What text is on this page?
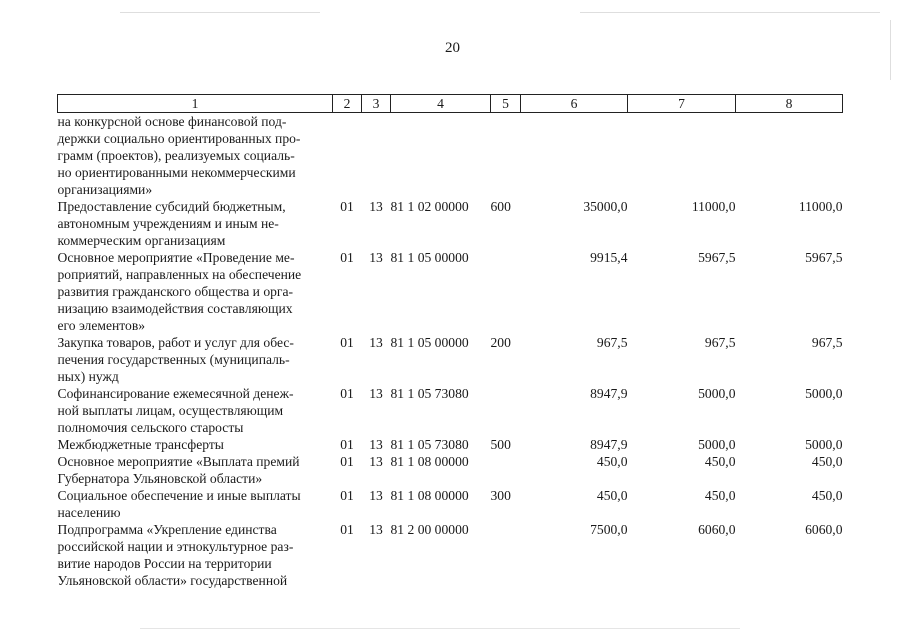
20
1	2	3	4	5	6	7	8

на конкурсной основе финансовой под-
держки социально ориентированных про-
грамм (проектов), реализуемых социаль-
но ориентированными некоммерческими
организациями»							

Предоставление субсидий бюджетным,
автономным учреждениям и иным не-
коммерческим организациям	01	13	81 1 02 00000	600	35000,0	11000,0	11000,0

Основное мероприятие «Проведение ме-
роприятий, направленных на обеспечение
развития гражданского общества и орга-
низацию взаимодействия составляющих
его элементов»	01	13	81 1 05 00000		9915,4	5967,5	5967,5

Закупка товаров, работ и услуг для обес-
печения государственных (муниципаль-
ных) нужд	01	13	81 1 05 00000	200	967,5	967,5	967,5

Софинансирование ежемесячной денеж-
ной выплаты лицам, осуществляющим
полномочия сельского старосты	01	13	81 1 05 73080		8947,9	5000,0	5000,0

Межбюджетные трансферты	01	13	81 1 05 73080	500	8947,9	5000,0	5000,0

Основное мероприятие «Выплата премий
Губернатора Ульяновской области»	01	13	81 1 08 00000		450,0	450,0	450,0

Социальное обеспечение и иные выплаты
населению	01	13	81 1 08 00000	300	450,0	450,0	450,0

Подпрограмма «Укрепление единства
российской нации и этнокультурное раз-
витие народов России на территории
Ульяновской области» государственной	01	13	81 2 00 00000		7500,0	6060,0	6060,0
